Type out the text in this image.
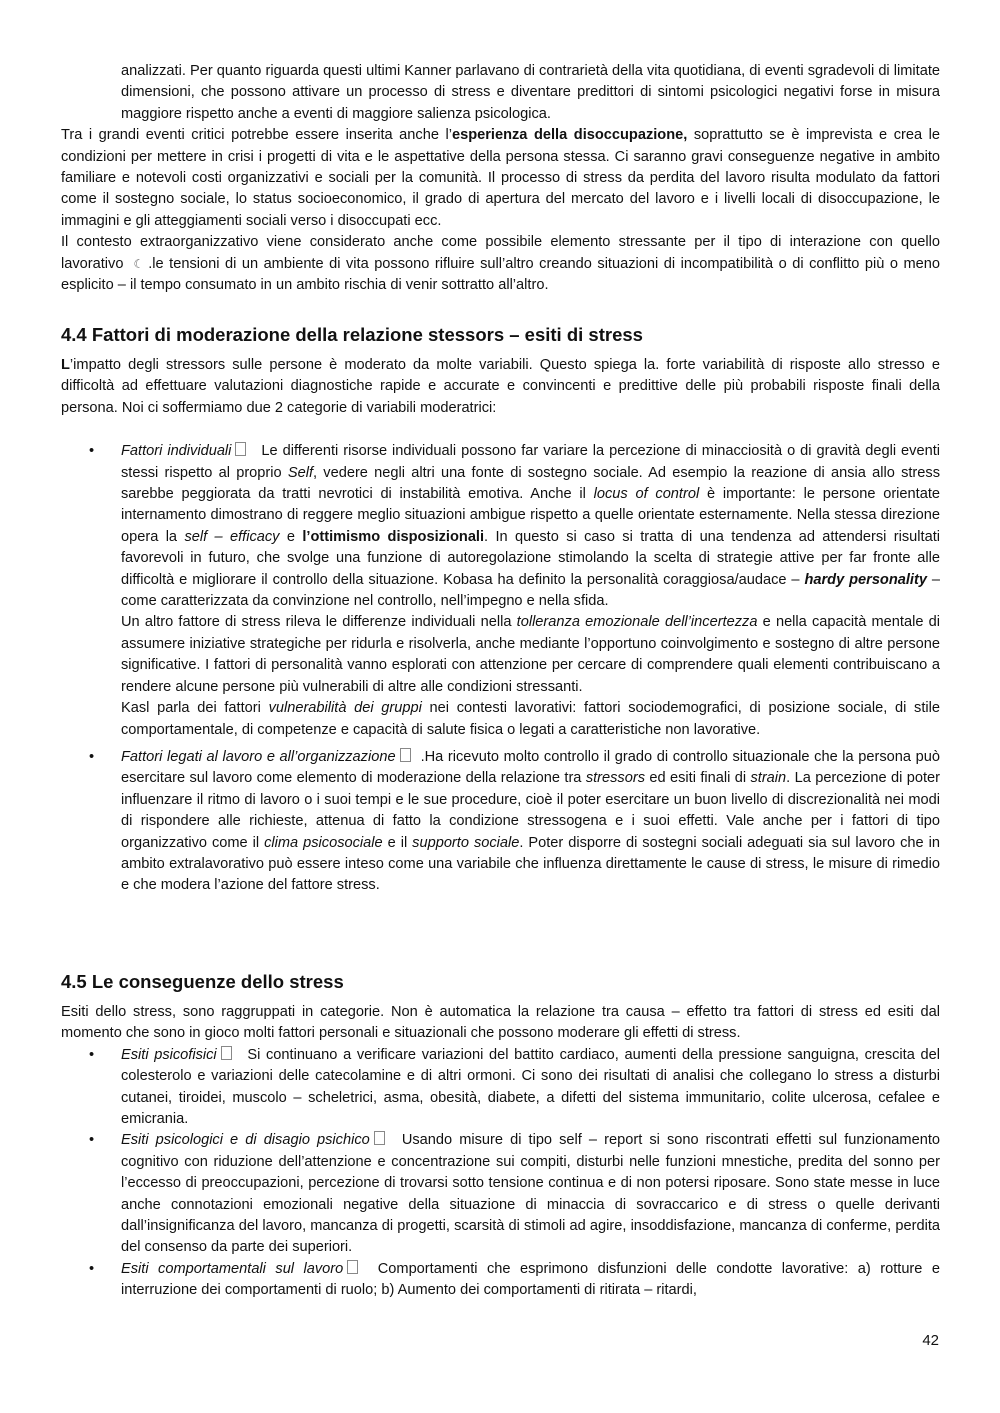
analizzati. Per quanto riguarda questi ultimi Kanner parlavano di contrarietà della vita quotidiana, di eventi sgradevoli di limitate dimensioni, che possono attivare un processo di stress e diventare predittori di sintomi psicologici negativi forse in misura maggiore rispetto anche a eventi di maggiore salienza psicologica.

Tra i grandi eventi critici potrebbe essere inserita anche l’esperienza della disoccupazione, soprattutto se è imprevista e crea le condizioni per mettere in crisi i progetti di vita e le aspettative della persona stessa. Ci saranno gravi conseguenze negative in ambito familiare e notevoli costi organizzativi e sociali per la comunità. Il processo di stress da perdita del lavoro risulta modulato da fattori come il sostegno sociale, lo status socioeconomico, il grado di apertura del mercato del lavoro e i livelli locali di disoccupazione, le immagini e gli atteggiamenti sociali verso i disoccupati ecc.

Il contesto extraorganizzativo viene considerato anche come possibile elemento stressante per il tipo di interazione con quello lavorativo ☾ .le tensioni di un ambiente di vita possono rifluire sull’altro creando situazioni di incompatibilità o di conflitto più o meno esplicito – il tempo consumato in un ambito rischia di venir sottratto all’altro.

4.4 Fattori di moderazione della relazione stessors – esiti di stress

L’impatto degli stressors sulle persone è moderato da molte variabili. Questo spiega la. forte variabilità di risposte allo stresso e difficoltà ad effettuare valutazioni diagnostiche rapide e accurate e convincenti e predittive delle più probabili risposte finali della persona. Noi ci soffermiamo due 2 categorie di variabili moderatrici:

• Fattori individuali Le differenti risorse individuali possono far variare la percezione di minacciosità o di gravità degli eventi stessi rispetto al proprio Self, vedere negli altri una fonte di sostegno sociale. Ad esempio la reazione di ansia allo stress sarebbe peggiorata da tratti nevrotici di instabilità emotiva. Anche il locus of control è importante: le persone orientate internamento dimostrano di reggere meglio situazioni ambigue rispetto a quelle orientate esternamente. Nella stessa direzione opera la self – efficacy e l’ottimismo disposizionali. In questo si caso si tratta di una tendenza ad attendersi risultati favorevoli in futuro, che svolge una funzione di autoregolazione stimolando la scelta di strategie attive per far fronte alle difficoltà e migliorare il controllo della situazione. Kobasa ha definito la personalità coraggiosa/audace – hardy personality – come caratterizzata da convinzione nel controllo, nell’impegno e nella sfida.

Un altro fattore di stress rileva le differenze individuali nella tolleranza emozionale dell’incertezza e nella capacità mentale di assumere iniziative strategiche per ridurla e risolverla, anche mediante l’opportuno coinvolgimento e sostegno di altre persone significative. I fattori di personalità vanno esplorati con attenzione per cercare di comprendere quali elementi contribuiscano a rendere alcune persone più vulnerabili di altre alle condizioni stressanti.

Kasl parla dei fattori vulnerabilità dei gruppi nei contesti lavorativi: fattori sociodemografici, di posizione sociale, di stile comportamentale, di competenze e capacità di salute fisica o legati a caratteristiche non lavorative.

• Fattori legati al lavoro e all’organizzazione .Ha ricevuto molto controllo il grado di controllo situazionale che la persona può esercitare sul lavoro come elemento di moderazione della relazione tra stressors ed esiti finali di strain. La percezione di poter influenzare il ritmo di lavoro o i suoi tempi e le sue procedure, cioè il poter esercitare un buon livello di discrezionalità nei modi di rispondere alle richieste, attenua di fatto la condizione stressogena e i suoi effetti. Vale anche per i fattori di tipo organizzativo come il clima psicosociale e il supporto sociale. Poter disporre di sostegni sociali adeguati sia sul lavoro che in ambito extralavorativo può essere inteso come una variabile che influenza direttamente le cause di stress, le misure di rimedio e che modera l’azione del fattore stress.

4.5 Le conseguenze dello stress

Esiti dello stress, sono raggruppati in categorie. Non è automatica la relazione tra causa – effetto tra fattori di stress ed esiti dal momento che sono in gioco molti fattori personali e situazionali che possono moderare gli effetti di stress.

• Esiti psicofisici Si continuano a verificare variazioni del battito cardiaco, aumenti della pressione sanguigna, crescita del colesterolo e variazioni delle catecolamine e di altri ormoni. Ci sono dei risultati di analisi che collegano lo stress a disturbi cutanei, tiroidei, muscolo – scheletrici, asma, obesità, diabete, a difetti del sistema immunitario, colite ulcerosa, cefalee e emicrania.

• Esiti psicologici e di disagio psichico Usando misure di tipo self – report si sono riscontrati effetti sul funzionamento cognitivo con riduzione dell’attenzione e concentrazione sui compiti, disturbi nelle funzioni mnestiche, predita del sonno per l’eccesso di preoccupazioni, percezione di trovarsi sotto tensione continua e di non potersi riposare. Sono state messe in luce anche connotazioni emozionali negative della situazione di minaccia di sovraccarico e di stress o quelle derivanti dall’insignificanza del lavoro, mancanza di progetti, scarsità di stimoli ad agire, insoddisfazione, mancanza di conferme, perdita del consenso da parte dei superiori.

• Esiti comportamentali sul lavoro Comportamenti che esprimono disfunzioni delle condotte lavorative: a) rotture e interruzione dei comportamenti di ruolo; b) Aumento dei comportamenti di ritirata – ritardi,

42
